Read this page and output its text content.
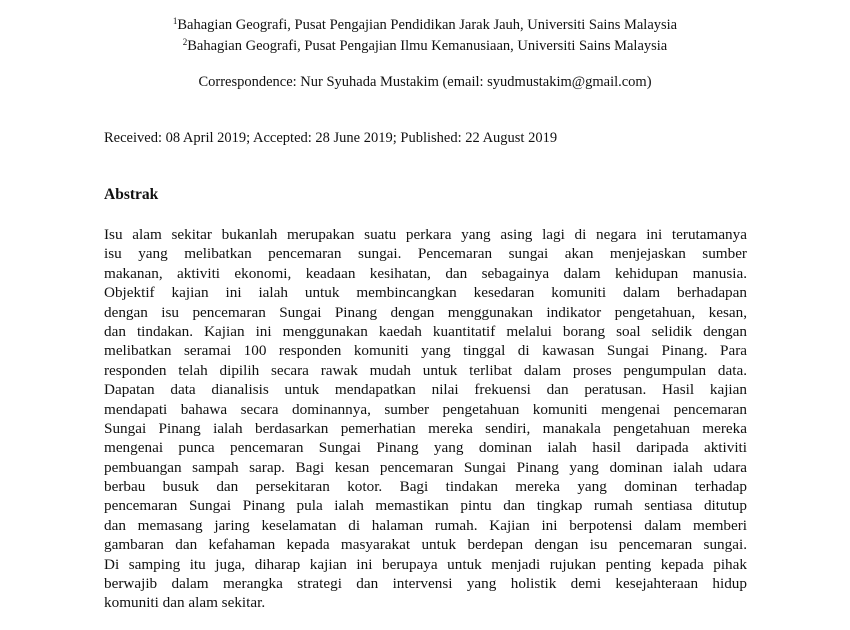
$^1$Bahagian Geografi, Pusat Pengajian Pendidikan Jarak Jauh, Universiti Sains Malaysia
$^2$Bahagian Geografi, Pusat Pengajian Ilmu Kemanusiaan, Universiti Sains Malaysia
Correspondence: Nur Syuhada Mustakim (email: syudmustakim@gmail.com)
Received: 08 April 2019; Accepted: 28 June 2019; Published: 22 August 2019
Abstrak
Isu alam sekitar bukanlah merupakan suatu perkara yang asing lagi di negara ini terutamanya
isu yang melibatkan pencemaran sungai. Pencemaran sungai akan menjejaskan sumber
makanan, aktiviti ekonomi, keadaan kesihatan, dan sebagainya dalam kehidupan manusia.
Objektif kajian ini ialah untuk membincangkan kesedaran komuniti dalam berhadapan
dengan isu pencemaran Sungai Pinang dengan menggunakan indikator pengetahuan, kesan,
dan tindakan. Kajian ini menggunakan kaedah kuantitatif melalui borang soal selidik dengan
melibatkan seramai 100 responden komuniti yang tinggal di kawasan Sungai Pinang. Para
responden telah dipilih secara rawak mudah untuk terlibat dalam proses pengumpulan data.
Dapatan data dianalisis untuk mendapatkan nilai frekuensi dan peratusan. Hasil kajian
mendapati bahawa secara dominannya, sumber pengetahuan komuniti mengenai pencemaran
Sungai Pinang ialah berdasarkan pemerhatian mereka sendiri, manakala pengetahuan mereka
mengenai punca pencemaran Sungai Pinang yang dominan ialah hasil daripada aktiviti
pembuangan sampah sarap. Bagi kesan pencemaran Sungai Pinang yang dominan ialah udara
berbau busuk dan persekitaran kotor. Bagi tindakan mereka yang dominan terhadap
pencemaran Sungai Pinang pula ialah memastikan pintu dan tingkap rumah sentiasa ditutup
dan memasang jaring keselamatan di halaman rumah. Kajian ini berpotensi dalam memberi
gambaran dan kefahaman kepada masyarakat untuk berdepan dengan isu pencemaran sungai.
Di samping itu juga, diharap kajian ini berupaya untuk menjadi rujukan penting kepada pihak
berwajib dalam merangka strategi dan intervensi yang holistik demi kesejahteraan hidup
komuniti dan alam sekitar.
